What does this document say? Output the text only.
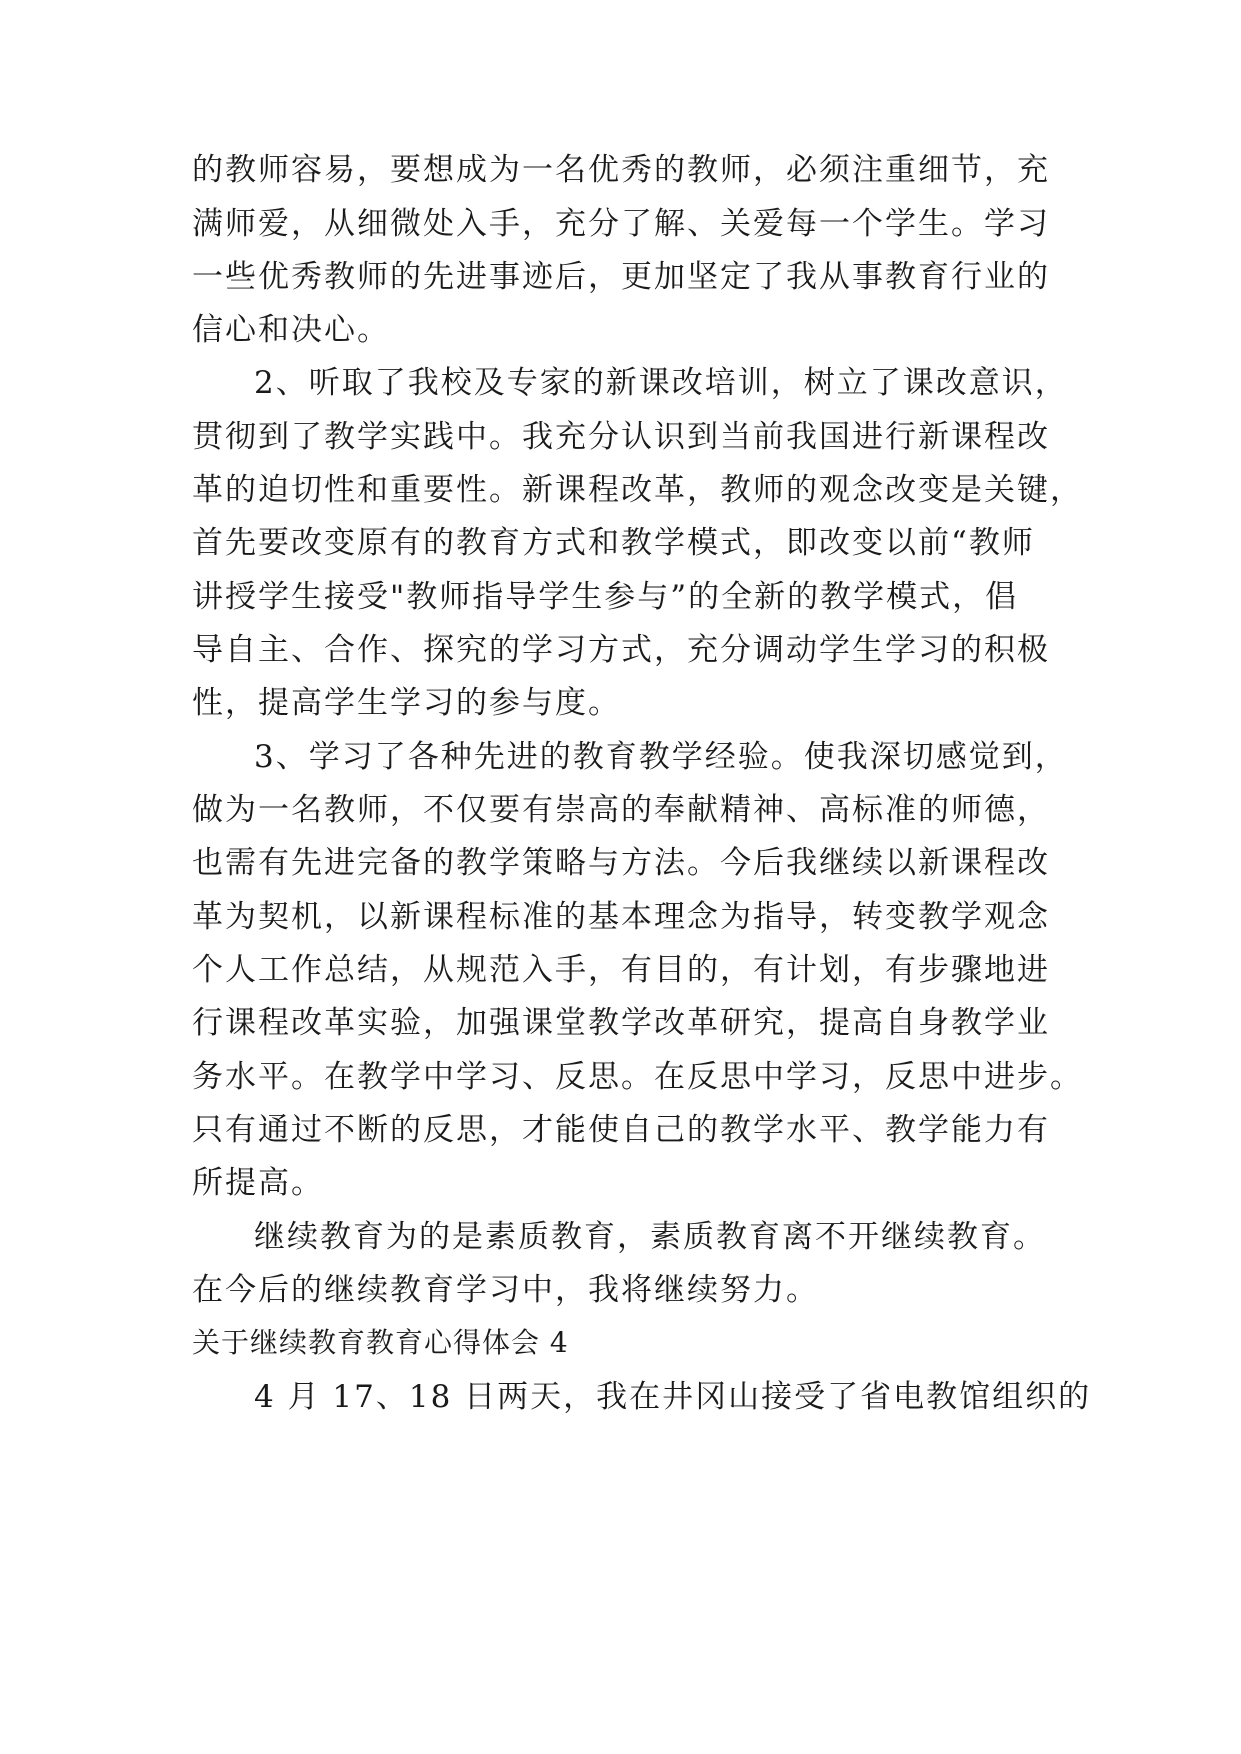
的教师容易，要想成为一名优秀的教师，必须注重细节，充
满师爱，从细微处入手，充分了解、关爱每一个学生。学习
一些优秀教师的先进事迹后，更加坚定了我从事教育行业的
信心和决心。
2、听取了我校及专家的新课改培训，树立了课改意识，
贯彻到了教学实践中。我充分认识到当前我国进行新课程改
革的迫切性和重要性。新课程改革，教师的观念改变是关键，
首先要改变原有的教育方式和教学模式，即改变以前“教师
讲授学生接受"教师指导学生参与”的全新的教学模式，倡
导自主、合作、探究的学习方式，充分调动学生学习的积极
性，提高学生学习的参与度。
3、学习了各种先进的教育教学经验。使我深切感觉到，
做为一名教师，不仅要有崇高的奉献精神、高标准的师德，
也需有先进完备的教学策略与方法。今后我继续以新课程改
革为契机，以新课程标准的基本理念为指导，转变教学观念
个人工作总结，从规范入手，有目的，有计划，有步骤地进
行课程改革实验，加强课堂教学改革研究，提高自身教学业
务水平。在教学中学习、反思。在反思中学习，反思中进步。
只有通过不断的反思，才能使自己的教学水平、教学能力有
所提高。
继续教育为的是素质教育，素质教育离不开继续教育。
在今后的继续教育学习中，我将继续努力。
关于继续教育教育心得体会 4
4 月 17、18 日两天，我在井冈山接受了省电教馆组织的
